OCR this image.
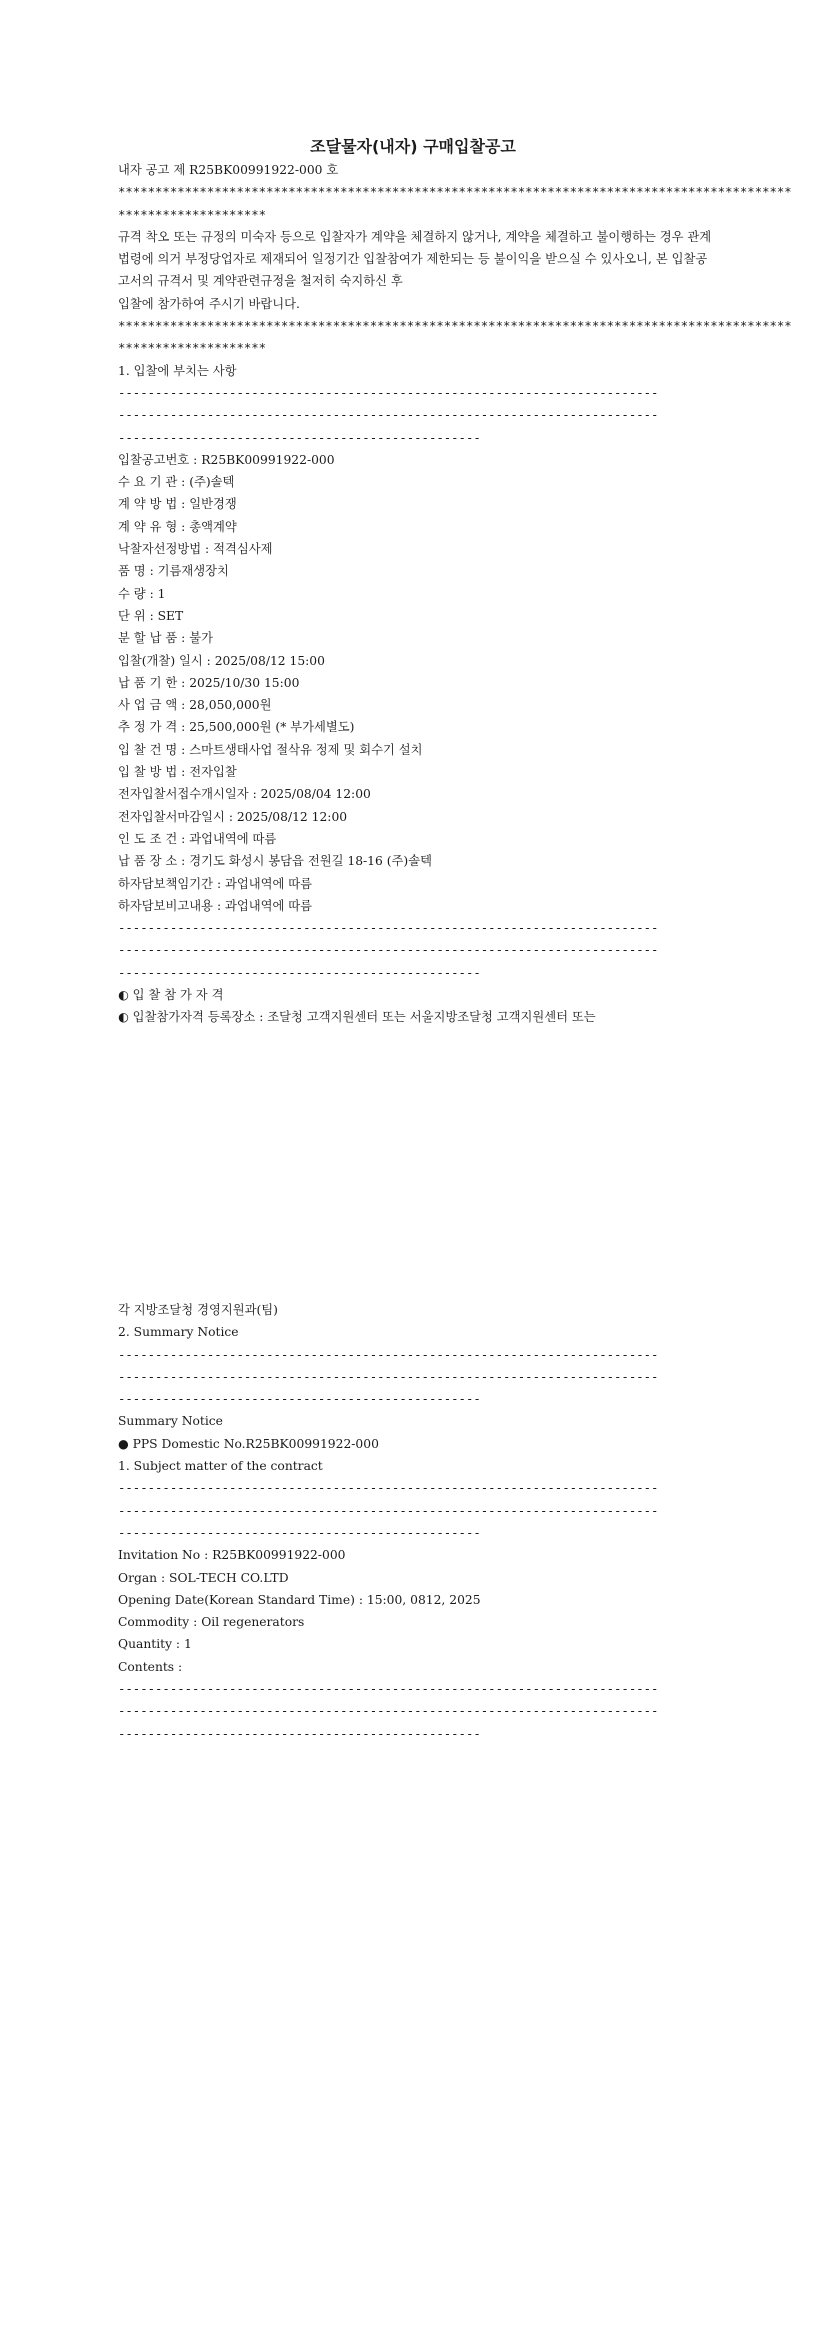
조달물자(내자) 구매입찰공고
내자 공고 제 R25BK00991922-000 호
*******************************************************************************************
********************
규격 착오 또는 규정의 미숙자 등으로 입찰자가 계약을 체결하지 않거나, 계약을 체결하고 불이행하는 경우 관계법령에 의거 부정당업자로 제재되어 일정기간 입찰참여가 제한되는 등 불이익을 받으실 수 있사오니, 본 입찰공고서의 규격서 및 계약관련규정을 철저히 숙지하신 후
입찰에 참가하여 주시기 바랍니다.
*******************************************************************************************
********************
1. 입찰에 부치는 사항
-------------------------------------------------------------------------
-------------------------------------------------------------------------
-------------------------------------------------
입찰공고번호 : R25BK00991922-000
수 요 기 관 : (주)솔텍
계 약 방 법 : 일반경쟁
계 약 유 형 : 총액계약
낙찰자선정방법 : 적격심사제
품 명 : 기름재생장치
수 량 : 1
단 위 : SET
분 할 납 품 : 불가
입찰(개찰) 일시 : 2025/08/12 15:00
납 품 기 한 : 2025/10/30 15:00
사 업 금 액 : 28,050,000원
추 정 가 격 : 25,500,000원 (* 부가세별도)
입 찰 건 명 : 스마트생태사업 절삭유 정제 및 회수기 설치
입 찰 방 법 : 전자입찰
전자입찰서접수개시일자 : 2025/08/04 12:00
전자입찰서마감일시 : 2025/08/12 12:00
인 도 조 건 : 과업내역에 따름
납 품 장 소 : 경기도 화성시 봉담읍 전원길 18-16 (주)솔텍
하자담보책임기간 : 과업내역에 따름
하자담보비고내용 : 과업내역에 따름
-------------------------------------------------------------------------
-------------------------------------------------------------------------
-------------------------------------------------
◐ 입 찰 참 가 자 격
◐ 입찰참가자격 등록장소 : 조달청 고객지원센터 또는 서울지방조달청 고객지원센터 또는
각 지방조달청 경영지원과(팀)
2. Summary Notice
-------------------------------------------------------------------------
-------------------------------------------------------------------------
-------------------------------------------------
Summary Notice
● PPS Domestic No.R25BK00991922-000
1. Subject matter of the contract
-------------------------------------------------------------------------
-------------------------------------------------------------------------
-------------------------------------------------
Invitation No : R25BK00991922-000
Organ : SOL-TECH CO.LTD
Opening Date(Korean Standard Time) : 15:00, 0812, 2025
Commodity : Oil regenerators
Quantity : 1
Contents :
-------------------------------------------------------------------------
-------------------------------------------------------------------------
-------------------------------------------------
